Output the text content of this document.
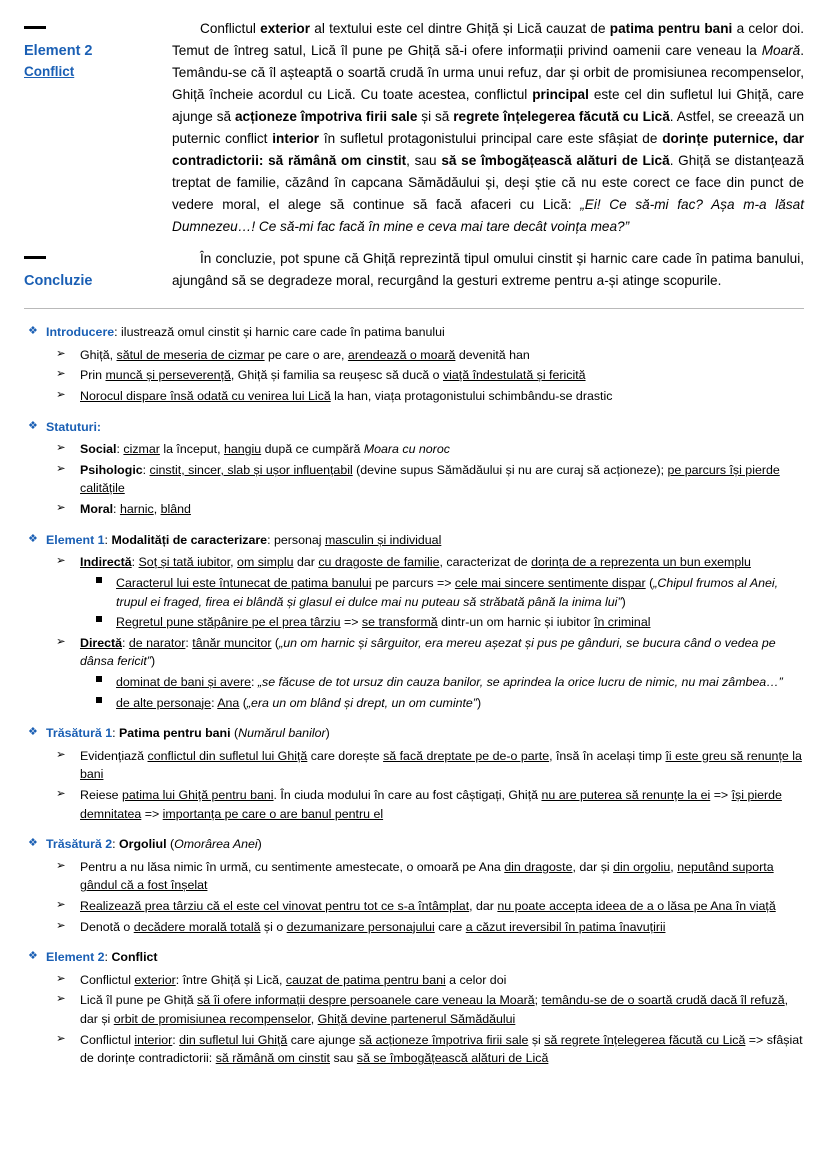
Element 2
Conflict

Conflictul exterior al textului este cel dintre Ghiță și Lică cauzat de patima pentru bani a celor doi. Temut de întreg satul, Lică îl pune pe Ghiță să-i ofere informații privind oamenii care veneau la Moară. Temându-se că îl așteaptă o soartă crudă în urma unui refuz, dar și orbit de promisiunea recompenselor, Ghiță încheie acordul cu Lică. Cu toate acestea, conflictul principal este cel din sufletul lui Ghiță, care ajunge să acționeze împotriva firii sale și să regrete înțelegerea făcută cu Lică. Astfel, se creează un puternic conflict interior în sufletul protagonistului principal care este sfâșiat de dorințe puternice, dar contradictorii: să rămână om cinstit, sau să se îmbogățească alături de Lică. Ghiță se distanțează treptat de familie, căzând în capcana Sămădăului și, deși știe că nu este corect ce face din punct de vedere moral, el alege să continue să facă afaceri cu Lică: „Ei! Ce să-mi fac? Așa m-a lăsat Dumnezeu…! Ce să-mi fac facă în mine e ceva mai tare decât voința mea?”

Concluzie

În concluzie, pot spune că Ghiță reprezintă tipul omului cinstit și harnic care cade în patima banului, ajungând să se degradeze moral, recurgând la gesturi extreme pentru a-și atinge scopurile.

❖ Introducere: ilustrează omul cinstit și harnic care cade în patima banului
➢ Ghiță, sătul de meseria de cizmar pe care o are, arendează o moară devenită han
➢ Prin muncă și perseverență, Ghiță și familia sa reușesc să ducă o viață îndestulată și fericită
➢ Norocul dispare însă odată cu venirea lui Lică la han, viața protagonistului schimbându-se drastic
❖ Statuturi:
➢ Social: cizmar la început, hangiu după ce cumpără Moara cu noroc
➢ Psihologic: cinstit, sincer, slab și ușor influențabil (devine supus Sămădăului și nu are curaj să acționeze); pe parcurs își pierde calitățile
➢ Moral: harnic, blând
❖ Element 1: Modalități de caracterizare: personaj masculin și individual
➢ Indirectă: Soț și tată iubitor, om simplu dar cu dragoste de familie, caracterizat de dorința de a reprezenta un bun exemplu
Caracterul lui este întunecat de patima banului pe parcurs => cele mai sincere sentimente dispar („Chipul frumos al Anei, trupul ei fraged, firea ei blândă și glasul ei dulce mai nu puteau să străbată până la inima lui”)
Regretul pune stăpânire pe el prea târziu => se transformă dintr-un om harnic și iubitor în criminal
➢ Directă: de narator: tânăr muncitor („un om harnic și sârguitor, era mereu așezat și pus pe gânduri, se bucura când o vedea pe dânsa fericit”)
dominat de bani și avere: „se făcuse de tot ursuz din cauza banilor, se aprindea la orice lucru de nimic, nu mai zâmbea…”
de alte personaje: Ana („era un om blând și drept, un om cuminte”)
❖ Trăsătură 1: Patima pentru bani (Numărul banilor)
➢ Evidențiază conflictul din sufletul lui Ghiță care dorește să facă dreptate pe de-o parte, însă în același timp îi este greu să renunțe la bani
➢ Reiese patima lui Ghiță pentru bani. În ciuda modului în care au fost câștigați, Ghiță nu are puterea să renunțe la ei => își pierde demnitatea => importanța pe care o are banul pentru el
❖ Trăsătură 2: Orgoliul (Omorârea Anei)
➢ Pentru a nu lăsa nimic în urmă, cu sentimente amestecate, o omoară pe Ana din dragoste, dar și din orgoliu, neputând suporta gândul că a fost înșelat
➢ Realizează prea târziu că el este cel vinovat pentru tot ce s-a întâmplat, dar nu poate accepta ideea de a o lăsa pe Ana în viață
➢ Denotă o decădere morală totală și o dezumanizare personajului care a căzut ireversibil în patima înavuțirii
❖ Element 2: Conflict
➢ Conflictul exterior: între Ghiță și Lică, cauzat de patima pentru bani a celor doi
➢ Lică îl pune pe Ghiță să îi ofere informații despre persoanele care veneau la Moară; temându-se de o soartă crudă dacă îl refuză, dar și orbit de promisiunea recompenselor, Ghiță devine partenerul Sămădăului
➢ Conflictul interior: din sufletul lui Ghiță care ajunge să acționeze împotriva firii sale și să regrete înțelegerea făcută cu Lică => sfâșiat de dorințe contradictorii: să rămână om cinstit sau să se îmbogățească alături de Lică
